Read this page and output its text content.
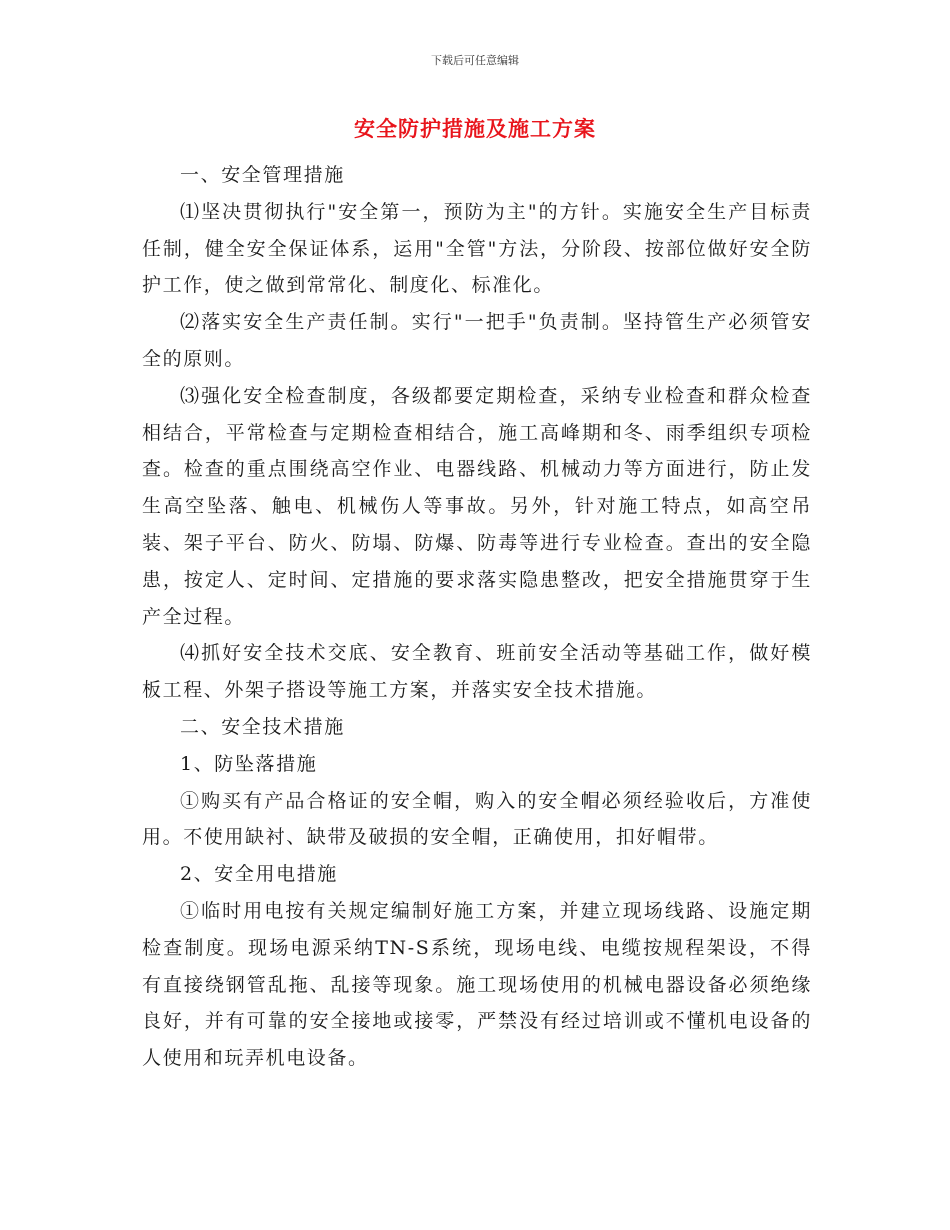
下载后可任意编辑
安全防护措施及施工方案

一、安全管理措施

⑴坚决贯彻执行"安全第一，预防为主"的方针。实施安全生产目标责任制，健全安全保证体系，运用"全管"方法，分阶段、按部位做好安全防护工作，使之做到常常化、制度化、标准化。

⑵落实安全生产责任制。实行"一把手"负责制。坚持管生产必须管安全的原则。

⑶强化安全检查制度，各级都要定期检查，采纳专业检查和群众检查相结合，平常检查与定期检查相结合，施工高峰期和冬、雨季组织专项检查。检查的重点围绕高空作业、电器线路、机械动力等方面进行，防止发生高空坠落、触电、机械伤人等事故。另外，针对施工特点，如高空吊装、架子平台、防火、防塌、防爆、防毒等进行专业检查。查出的安全隐患，按定人、定时间、定措施的要求落实隐患整改，把安全措施贯穿于生产全过程。

⑷抓好安全技术交底、安全教育、班前安全活动等基础工作，做好模板工程、外架子搭设等施工方案，并落实安全技术措施。

二、安全技术措施

1、防坠落措施

①购买有产品合格证的安全帽，购入的安全帽必须经验收后，方准使用。不使用缺衬、缺带及破损的安全帽，正确使用，扣好帽带。

2、安全用电措施

①临时用电按有关规定编制好施工方案，并建立现场线路、设施定期检查制度。现场电源采纳TN-S系统，现场电线、电缆按规程架设，不得有直接绕钢管乱拖、乱接等现象。施工现场使用的机械电器设备必须绝缘良好，并有可靠的安全接地或接零，严禁没有经过培训或不懂机电设备的人使用和玩弄机电设备。
